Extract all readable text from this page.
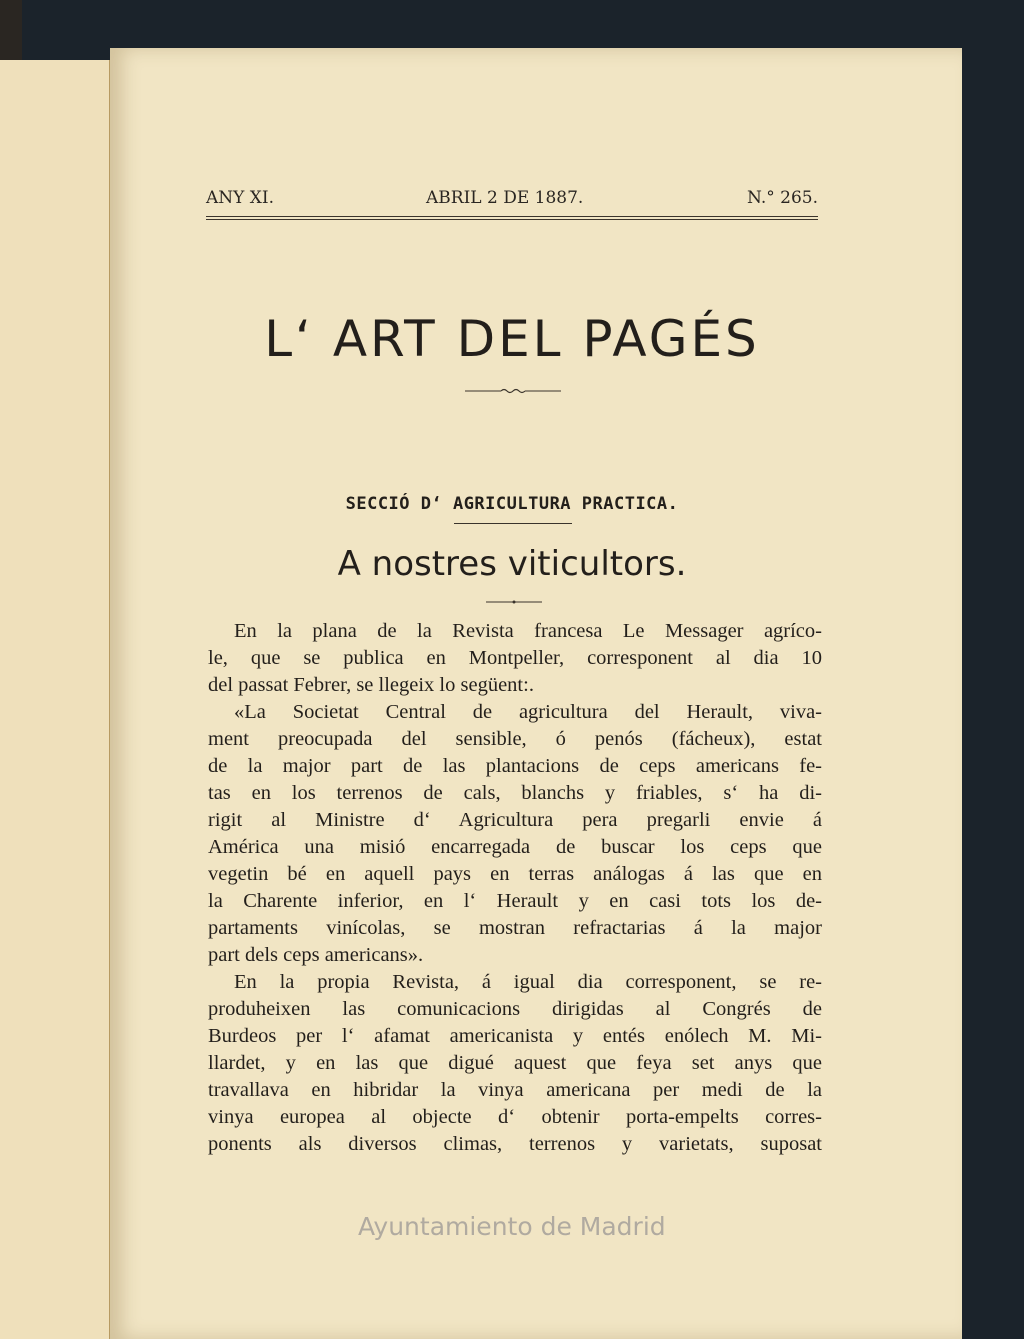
ANY XI.	ABRIL 2 DE 1887.	N.° 265.
L‘ ART DEL PAGÉS
SECCIÓ D‘ AGRICULTURA PRACTICA.
A nostres viticultors.
En la plana de la Revista francesa Le Messager agríco-
le, que se publica en Montpeller, corresponent al dia 10
del passat Febrer, se llegeix lo següent:.
«La Societat Central de agricultura del Herault, viva-
ment preocupada del sensible, ó penós (fácheux), estat
de la major part de las plantacions de ceps americans fe-
tas en los terrenos de cals, blanchs y friables, s‘ ha di-
rigit al Ministre d‘ Agricultura pera pregarli envie á
América una misió encarregada de buscar los ceps que
vegetin bé en aquell pays en terras análogas á las que en
la Charente inferior, en l‘ Herault y en casi tots los de-
partaments vinícolas, se mostran refractarias á la major
part dels ceps americans».
En la propia Revista, á igual dia corresponent, se re-
produheixen las comunicacions dirigidas al Congrés de
Burdeos per l‘ afamat americanista y entés enólech M. Mi-
llardet, y en las que digué aquest que feya set anys que
travallava en hibridar la vinya americana per medi de la
vinya europea al objecte d‘ obtenir porta-empelts corres-
ponents als diversos climas, terrenos y varietats, suposat
Ayuntamiento de Madrid
